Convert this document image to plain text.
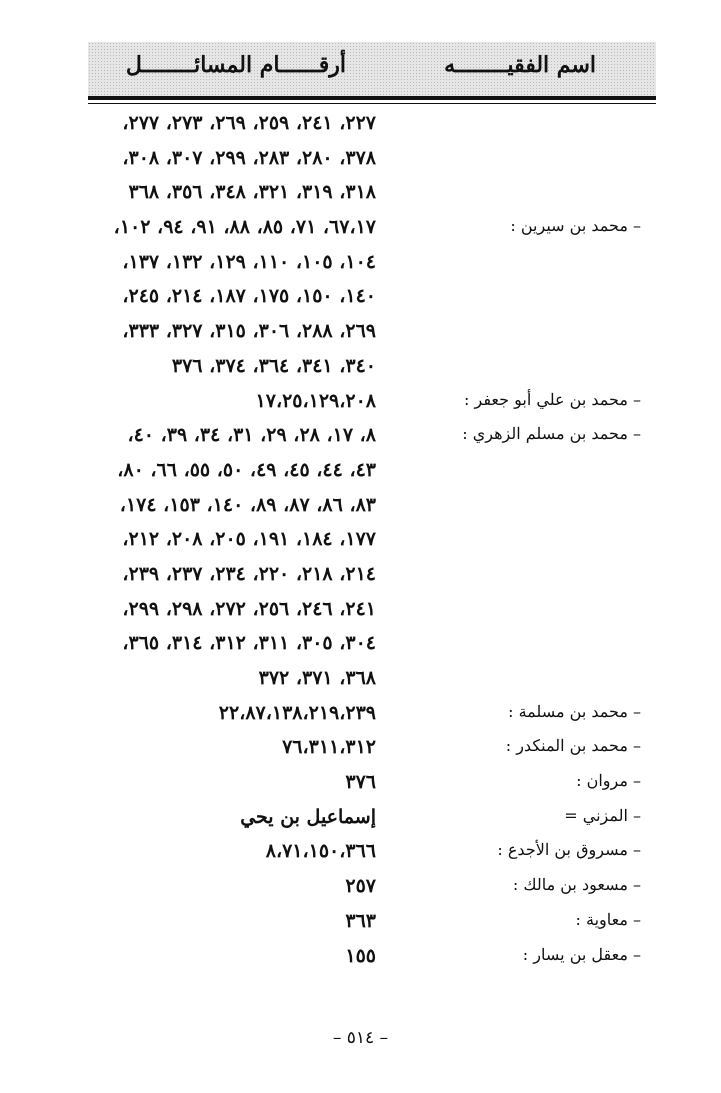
اسم الفقيــــــــه
أرقــــــام المسائــــــــل
٢٢٧، ٢٤١، ٢٥٩، ٢٦٩، ٢٧٣، ٢٧٧،
٣٧٨، ٢٨٠، ٢٨٣، ٢٩٩، ٣٠٧، ٣٠٨،
٣١٨، ٣١٩، ٣٢١، ٣٤٨، ٣٥٦، ٣٦٨
– محمد بن سيرين :
٦٧،١٧، ٧١، ٨٥، ٨٨، ٩١، ٩٤، ١٠٢،
١٠٤، ١٠٥، ١١٠، ١٢٩، ١٣٢، ١٣٧،
١٤٠، ١٥٠، ١٧٥، ١٨٧، ٢١٤، ٢٤٥،
٢٦٩، ٢٨٨، ٣٠٦، ٣١٥، ٣٢٧، ٣٣٣،
٣٤٠، ٣٤١، ٣٦٤، ٣٧٤، ٣٧٦
– محمد بن علي أبو جعفر :
١٧،٢٥،١٢٩،٢٠٨
– محمد بن مسلم الزهري :
٨، ١٧، ٢٨، ٢٩، ٣١، ٣٤، ٣٩، ٤٠،
٤٣، ٤٤، ٤٥، ٤٩، ٥٠، ٥٥، ٦٦، ٨٠،
٨٣، ٨٦، ٨٧، ٨٩، ١٤٠، ١٥٣، ١٧٤،
١٧٧، ١٨٤، ١٩١، ٢٠٥، ٢٠٨، ٢١٢،
٢١٤، ٢١٨، ٢٢٠، ٢٣٤، ٢٣٧، ٢٣٩،
٢٤١، ٢٤٦، ٢٥٦، ٢٧٢، ٢٩٨، ٢٩٩،
٣٠٤، ٣٠٥، ٣١١، ٣١٢، ٣١٤، ٣٦٥،
٣٦٨، ٣٧١، ٣٧٢
– محمد بن مسلمة :
٢٢،٨٧،١٣٨،٢١٩،٢٣٩
– محمد بن المنكدر :
٧٦،٣١١،٣١٢
– مروان :
٣٧٦
– المزني =
إسماعيل بن يحي
– مسروق بن الأجدع :
٨،٧١،١٥٠،٣٦٦
– مسعود بن مالك :
٢٥٧
– معاوية :
٣٦٣
– معقل بن يسار :
١٥٥
– ٥١٤ –
